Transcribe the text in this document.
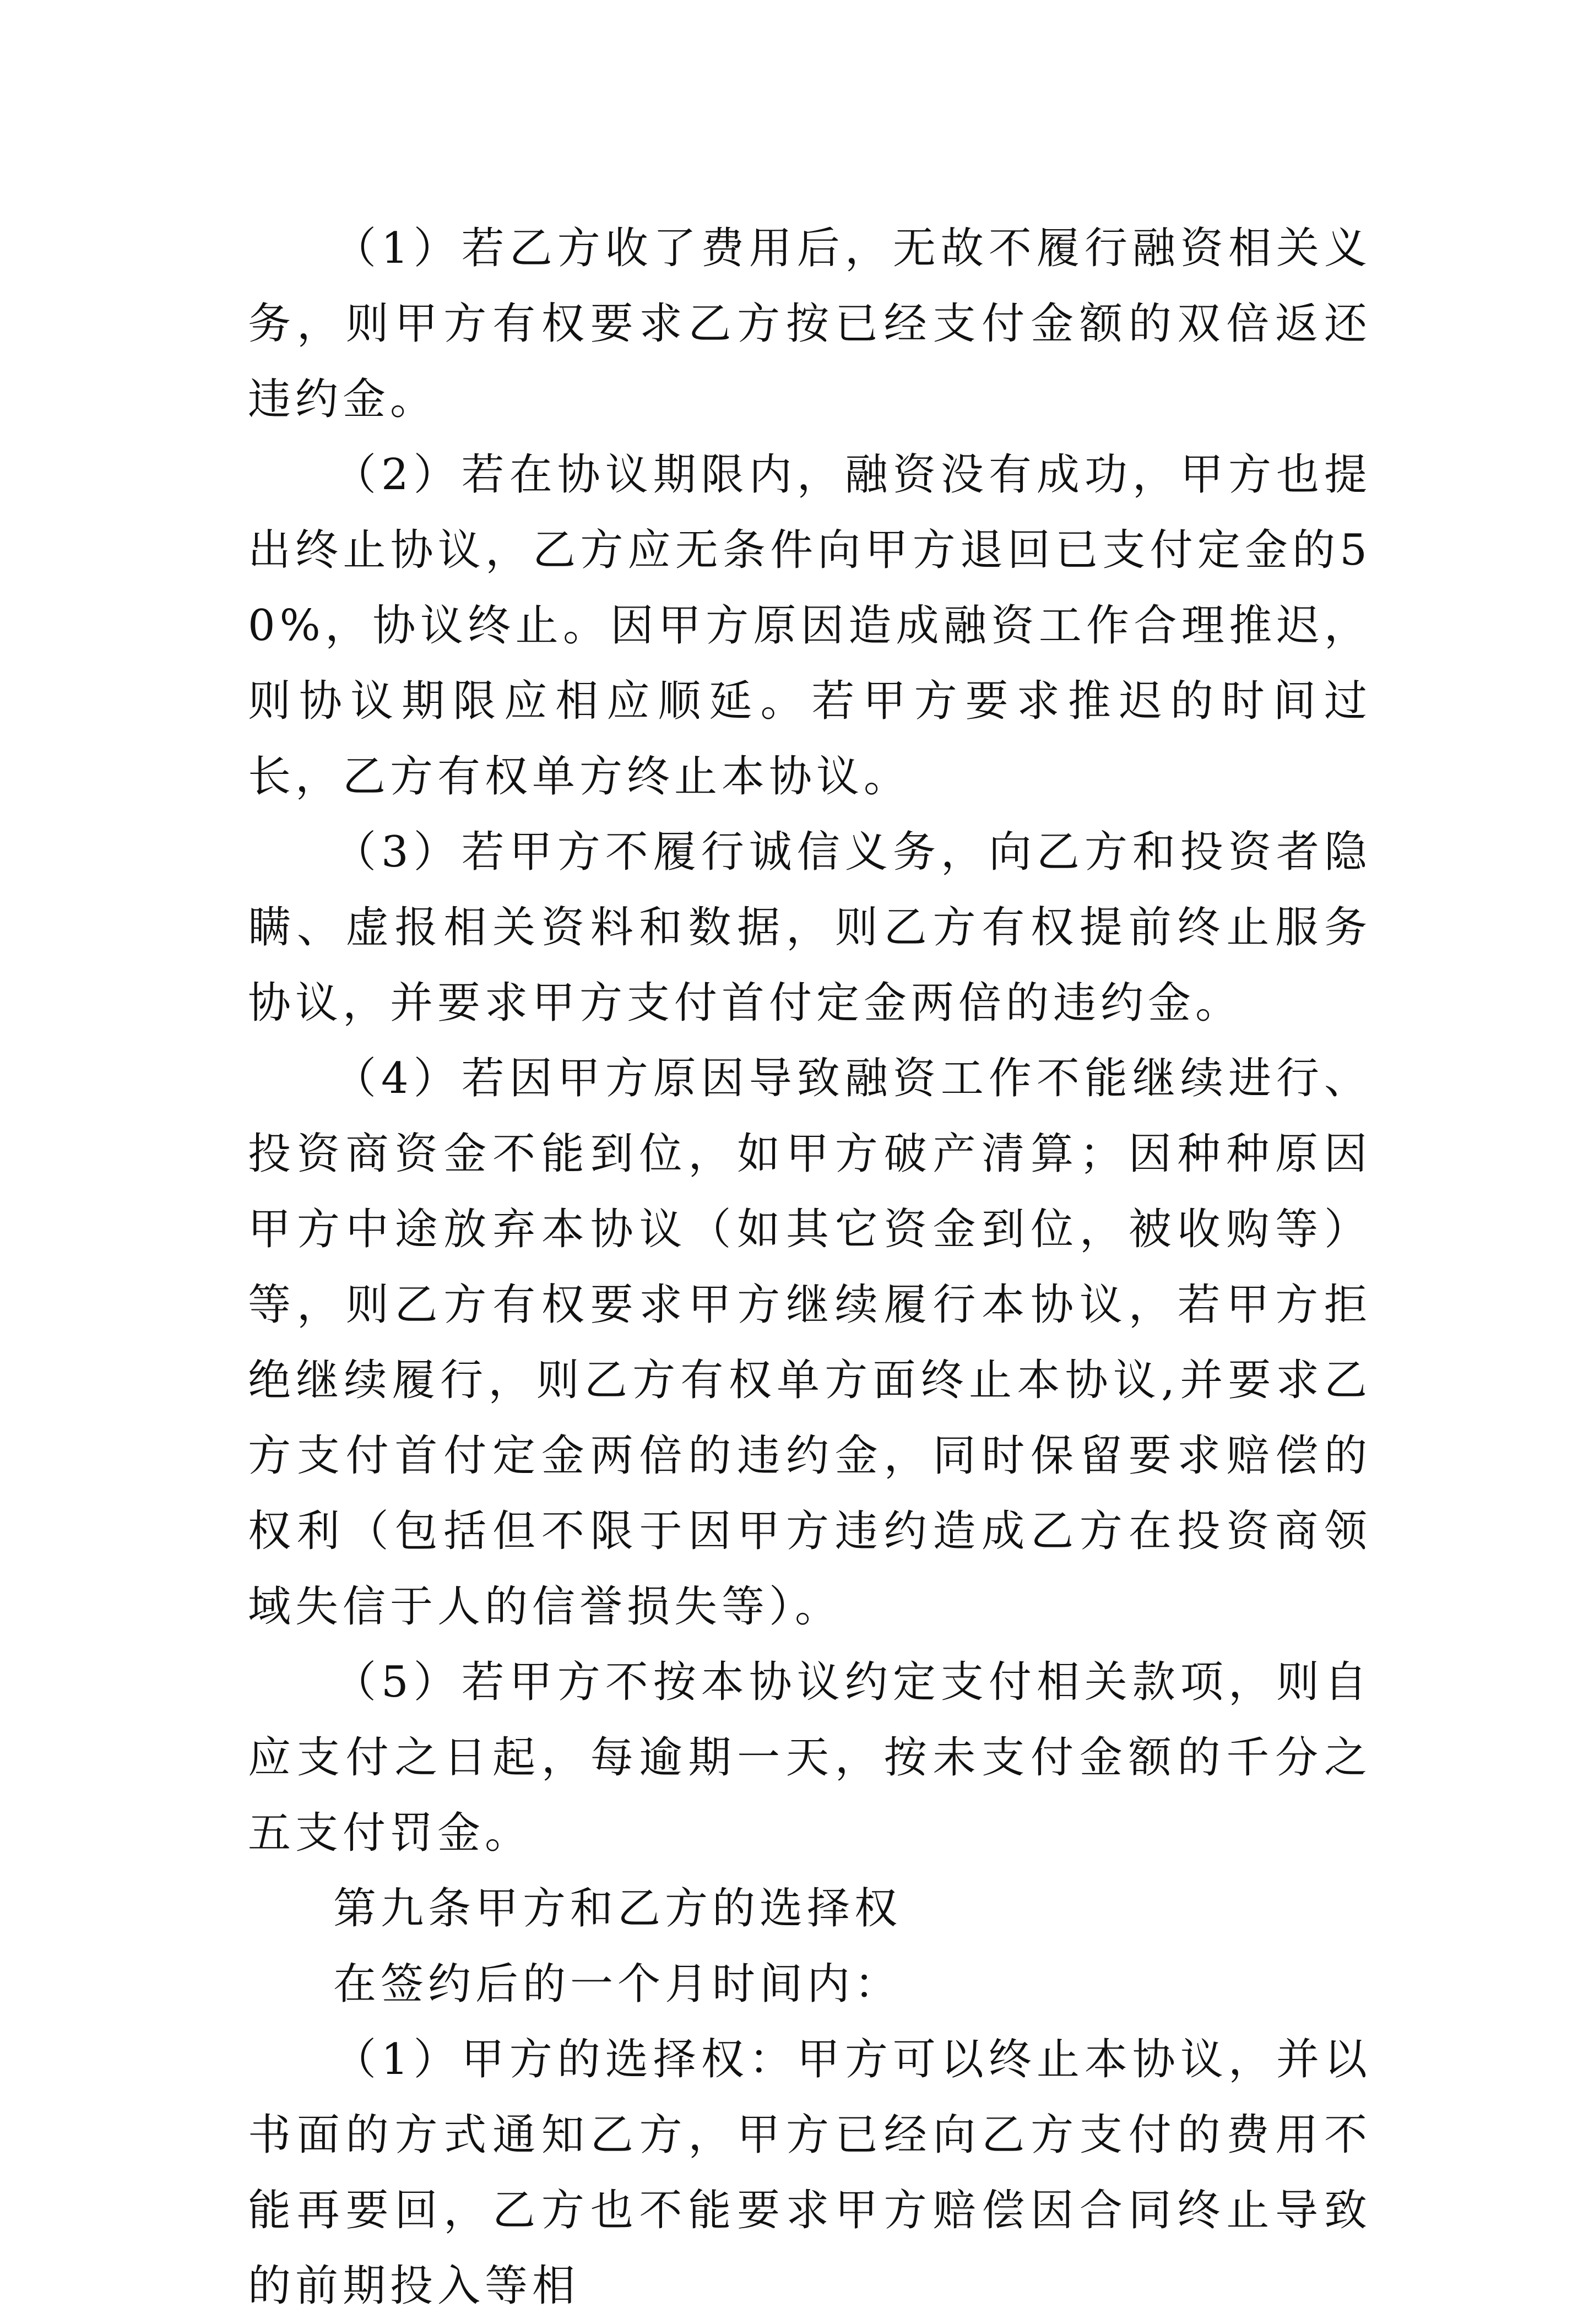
（1）若乙方收了费用后，无故不履行融资相关义务，则甲方有权要求乙方按已经支付金额的双倍返还违约金。

（2）若在协议期限内，融资没有成功，甲方也提出终止协议，乙方应无条件向甲方退回已支付定金的50%，协议终止。因甲方原因造成融资工作合理推迟，则协议期限应相应顺延。若甲方要求推迟的时间过长，乙方有权单方终止本协议。

（3）若甲方不履行诚信义务，向乙方和投资者隐瞒、虚报相关资料和数据，则乙方有权提前终止服务协议，并要求甲方支付首付定金两倍的违约金。

（4）若因甲方原因导致融资工作不能继续进行、投资商资金不能到位，如甲方破产清算；因种种原因甲方中途放弃本协议（如其它资金到位，被收购等）等，则乙方有权要求甲方继续履行本协议，若甲方拒绝继续履行，则乙方有权单方面终止本协议,并要求乙方支付首付定金两倍的违约金，同时保留要求赔偿的权利（包括但不限于因甲方违约造成乙方在投资商领域失信于人的信誉损失等）。

（5）若甲方不按本协议约定支付相关款项，则自应支付之日起，每逾期一天，按未支付金额的千分之五支付罚金。

第九条甲方和乙方的选择权

在签约后的一个月时间内：

（1）甲方的选择权：甲方可以终止本协议，并以书面的方式通知乙方，甲方已经向乙方支付的费用不能再要回，乙方也不能要求甲方赔偿因合同终止导致的前期投入等相
